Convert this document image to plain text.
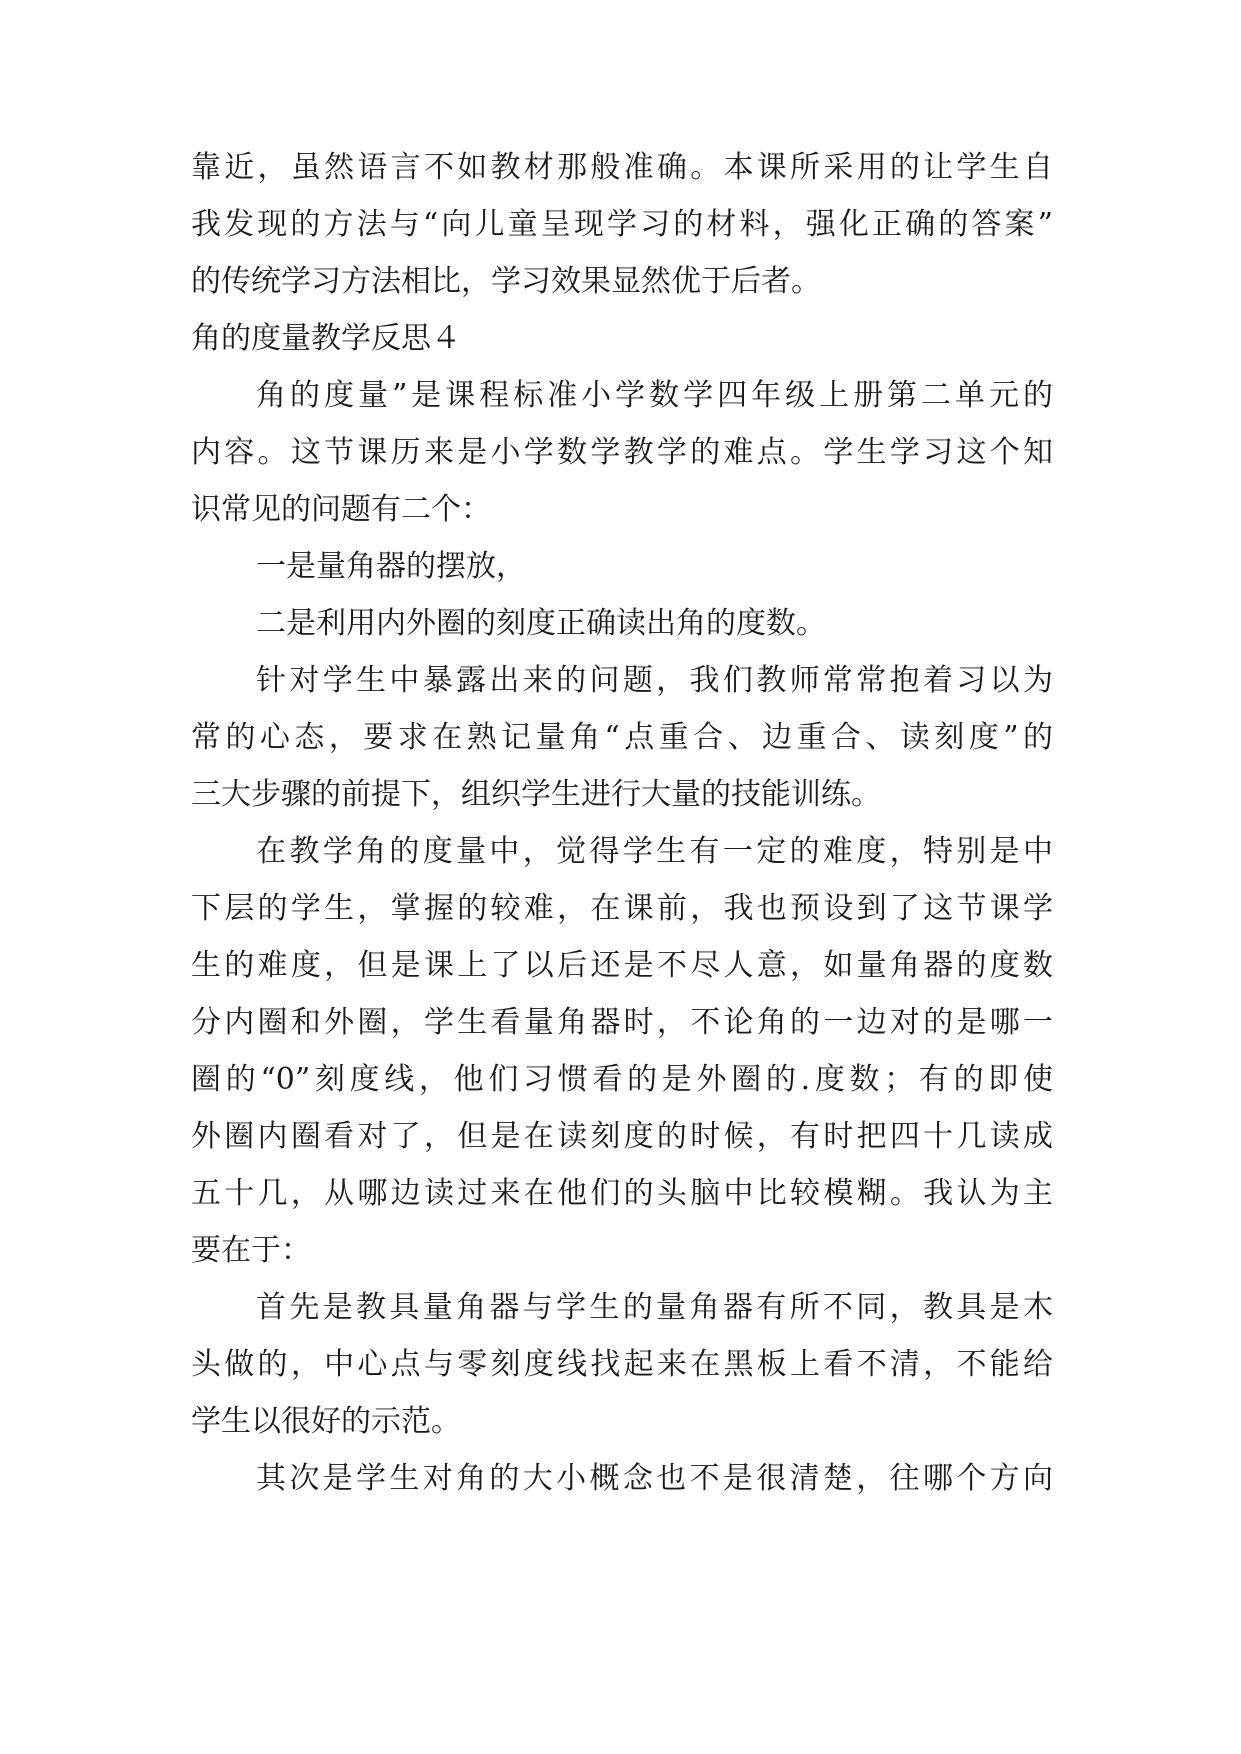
靠近，虽然语言不如教材那般准确。本课所采用的让学生自

我发现的方法与“向儿童呈现学习的材料，强化正确的答案”

的传统学习方法相比，学习效果显然优于后者。

角的度量教学反思４

角的度量”是课程标准小学数学四年级上册第二单元的

内容。这节课历来是小学数学教学的难点。学生学习这个知

识常见的问题有二个：

一是量角器的摆放，

二是利用内外圈的刻度正确读出角的度数。

针对学生中暴露出来的问题，我们教师常常抱着习以为

常的心态，要求在熟记量角“点重合、边重合、读刻度”的

三大步骤的前提下，组织学生进行大量的技能训练。

在教学角的度量中，觉得学生有一定的难度，特别是中

下层的学生，掌握的较难，在课前，我也预设到了这节课学

生的难度，但是课上了以后还是不尽人意，如量角器的度数

分内圈和外圈，学生看量角器时，不论角的一边对的是哪一

圈的“0”刻度线，他们习惯看的是外圈的.度数；有的即使

外圈内圈看对了，但是在读刻度的时候，有时把四十几读成

五十几，从哪边读过来在他们的头脑中比较模糊。我认为主

要在于：

首先是教具量角器与学生的量角器有所不同，教具是木

头做的，中心点与零刻度线找起来在黑板上看不清，不能给

学生以很好的示范。

其次是学生对角的大小概念也不是很清楚，往哪个方向
